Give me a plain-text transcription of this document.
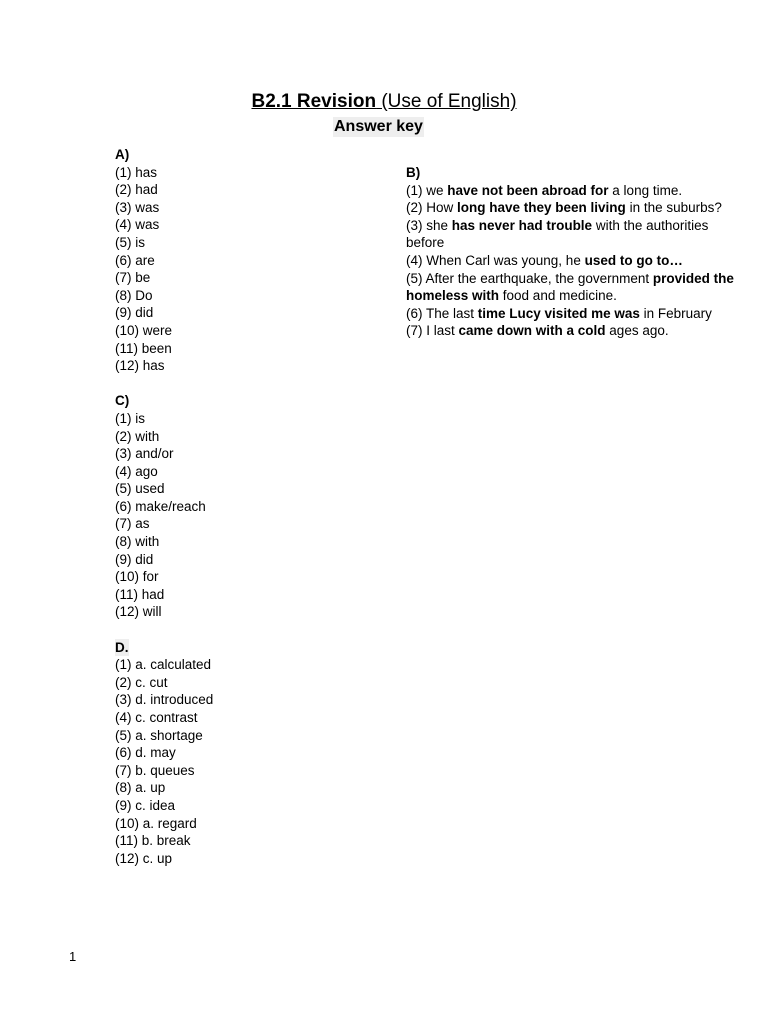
B2.1 Revision (Use of English)
Answer key
A)
(1) has
(2) had
(3) was
(4) was
(5) is
(6) are
(7) be
(8) Do
(9) did
(10) were
(11) been
(12) has
C)
(1) is
(2) with
(3) and/or
(4) ago
(5) used
(6) make/reach
(7) as
(8) with
(9) did
(10) for
(11) had
(12) will
D.
(1) a. calculated
(2) c. cut
(3) d. introduced
(4) c. contrast
(5) a. shortage
(6) d. may
(7) b. queues
(8) a. up
(9) c. idea
(10) a. regard
(11) b. break
(12) c. up
B)
(1) we have not been abroad for a long time.
(2) How long have they been living in the suburbs?
(3) she has never had trouble with the authorities before
(4) When Carl was young, he used to go to…
(5) After the earthquake, the government provided the homeless with food and medicine.
(6) The last time Lucy visited me was in February
(7) I last came down with a cold ages ago.
1
